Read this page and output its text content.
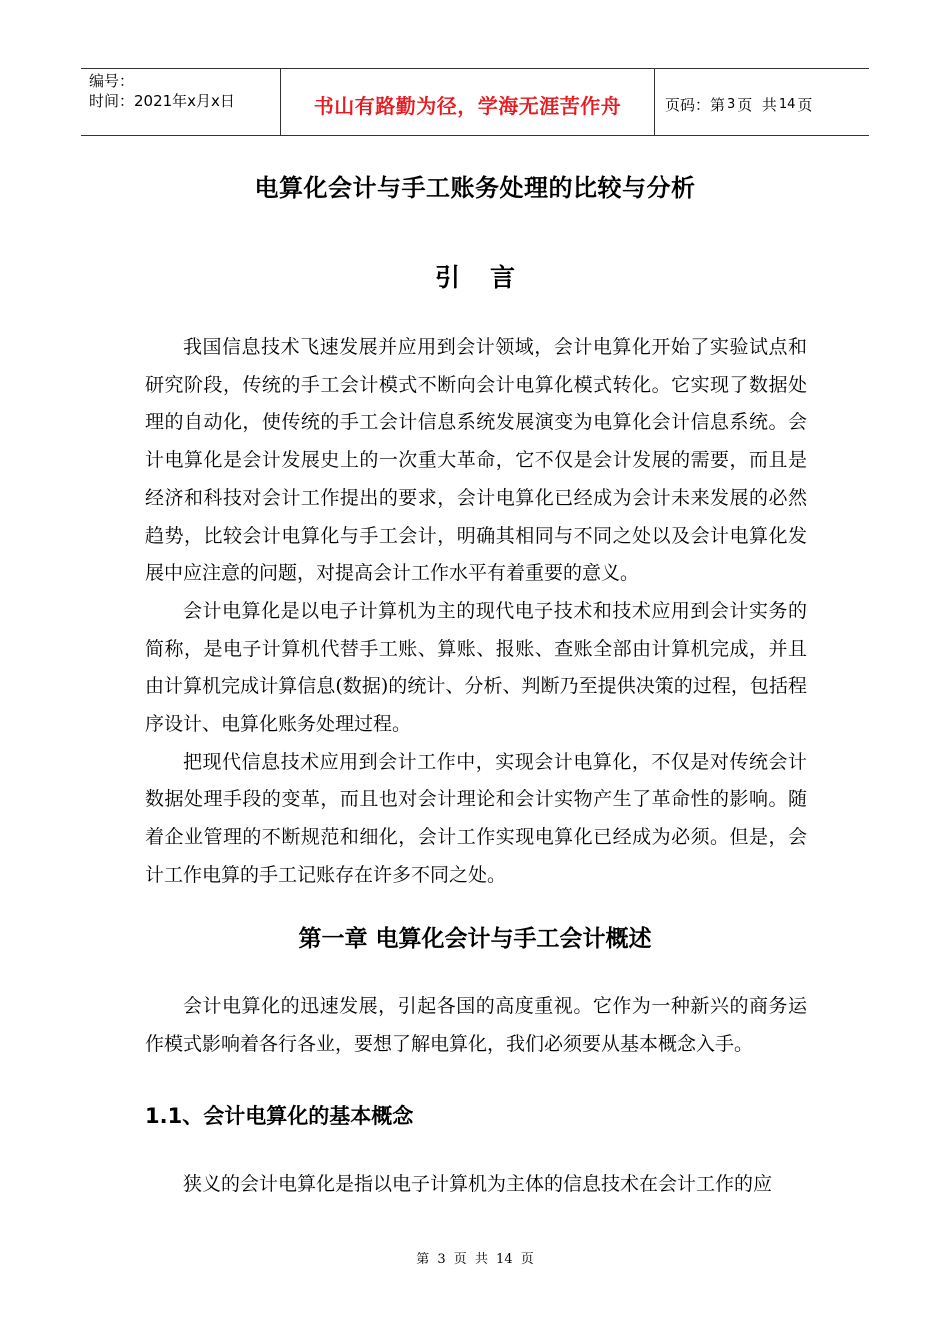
编号：
时间：2021年x月x日	书山有路勤为径，学海无涯苦作舟	页码：第 3 页  共 14 页
电算化会计与手工账务处理的比较与分析
引言

我国信息技术飞速发展并应用到会计领域，会计电算化开始了实验试点和研究阶段，传统的手工会计模式不断向会计电算化模式转化。它实现了数据处理的自动化，使传统的手工会计信息系统发展演变为电算化会计信息系统。会计电算化是会计发展史上的一次重大革命，它不仅是会计发展的需要，而且是经济和科技对会计工作提出的要求，会计电算化已经成为会计未来发展的必然趋势，比较会计电算化与手工会计，明确其相同与不同之处以及会计电算化发展中应注意的问题，对提高会计工作水平有着重要的意义。

会计电算化是以电子计算机为主的现代电子技术和技术应用到会计实务的简称，是电子计算机代替手工账、算账、报账、查账全部由计算机完成，并且由计算机完成计算信息(数据)的统计、分析、判断乃至提供决策的过程，包括程序设计、电算化账务处理过程。

把现代信息技术应用到会计工作中，实现会计电算化，不仅是对传统会计数据处理手段的变革，而且也对会计理论和会计实物产生了革命性的影响。随着企业管理的不断规范和细化，会计工作实现电算化已经成为必须。但是，会计工作电算的手工记账存在许多不同之处。

第一章 电算化会计与手工会计概述

会计电算化的迅速发展，引起各国的高度重视。它作为一种新兴的商务运作模式影响着各行各业，要想了解电算化，我们必须要从基本概念入手。

1.1、会计电算化的基本概念

狭义的会计电算化是指以电子计算机为主体的信息技术在会计工作的应

第 3 页 共 14 页
